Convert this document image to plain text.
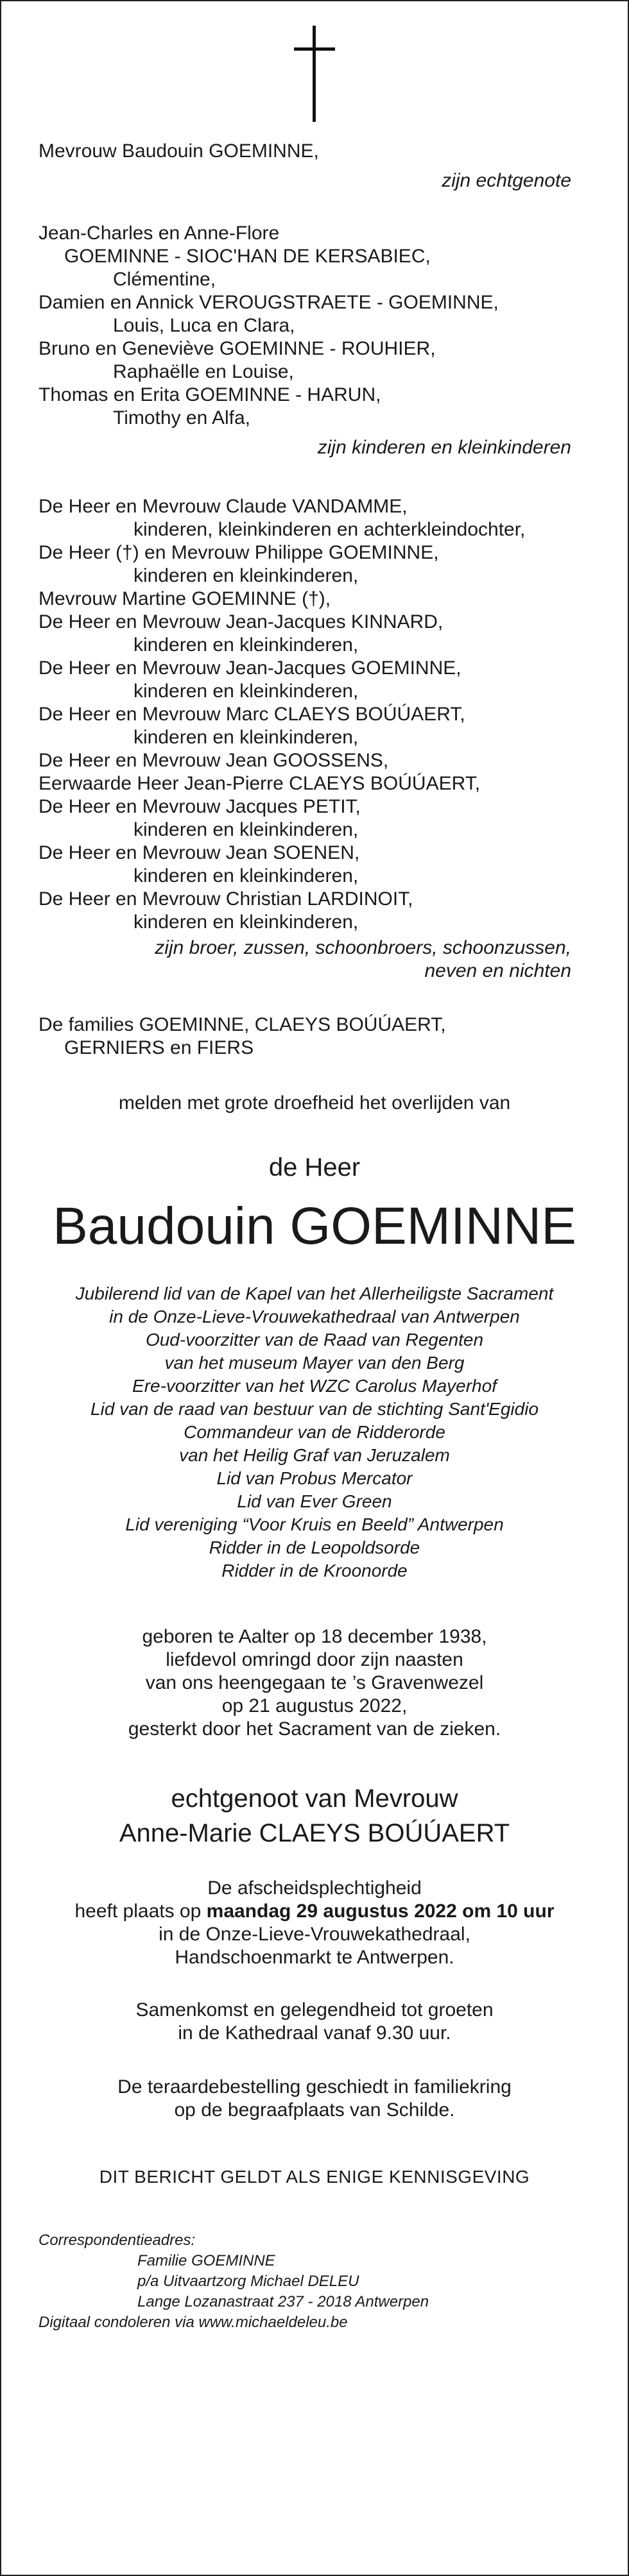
Mevrouw Baudouin GOEMINNE,
zijn echtgenote
Jean-Charles en Anne-Flore
GOEMINNE - SIOC'HAN DE KERSABIEC,
Clémentine,
Damien en Annick VEROUGSTRAETE - GOEMINNE,
Louis, Luca en Clara,
Bruno en Geneviève GOEMINNE - ROUHIER,
Raphaëlle en Louise,
Thomas en Erita GOEMINNE - HARUN,
Timothy en Alfa,
zijn kinderen en kleinkinderen
De Heer en Mevrouw Claude VANDAMME,
kinderen, kleinkinderen en achterkleindochter,
De Heer (†) en Mevrouw Philippe GOEMINNE,
kinderen en kleinkinderen,
Mevrouw Martine GOEMINNE (†),
De Heer en Mevrouw Jean-Jacques KINNARD,
kinderen en kleinkinderen,
De Heer en Mevrouw Jean-Jacques GOEMINNE,
kinderen en kleinkinderen,
De Heer en Mevrouw Marc CLAEYS BOÚÚAERT,
kinderen en kleinkinderen,
De Heer en Mevrouw Jean GOOSSENS,
Eerwaarde Heer Jean-Pierre CLAEYS BOÚÚAERT,
De Heer en Mevrouw Jacques PETIT,
kinderen en kleinkinderen,
De Heer en Mevrouw Jean SOENEN,
kinderen en kleinkinderen,
De Heer en Mevrouw Christian LARDINOIT,
kinderen en kleinkinderen,
zijn broer, zussen, schoonbroers, schoonzussen,
neven en nichten
De families GOEMINNE, CLAEYS BOÚÚAERT,
GERNIERS en FIERS
melden met grote droefheid het overlijden van
de Heer
Baudouin GOEMINNE
Jubilerend lid van de Kapel van het Allerheiligste Sacrament
in de Onze-Lieve-Vrouwekathedraal van Antwerpen
Oud-voorzitter van de Raad van Regenten
van het museum Mayer van den Berg
Ere-voorzitter van het WZC Carolus Mayerhof
Lid van de raad van bestuur van de stichting Sant'Egidio
Commandeur van de Ridderorde
van het Heilig Graf van Jeruzalem
Lid van Probus Mercator
Lid van Ever Green
Lid vereniging “Voor Kruis en Beeld” Antwerpen
Ridder in de Leopoldsorde
Ridder in de Kroonorde
geboren te Aalter op 18 december 1938,
liefdevol omringd door zijn naasten
van ons heengegaan te ’s Gravenwezel
op 21 augustus 2022,
gesterkt door het Sacrament van de zieken.
echtgenoot van Mevrouw
Anne-Marie CLAEYS BOÚÚAERT
De afscheidsplechtigheid
heeft plaats op maandag 29 augustus 2022 om 10 uur
in de Onze-Lieve-Vrouwekathedraal,
Handschoenmarkt te Antwerpen.
Samenkomst en gelegendheid tot groeten
in de Kathedraal vanaf 9.30 uur.
De teraardebestelling geschiedt in familiekring
op de begraafplaats van Schilde.
DIT BERICHT GELDT ALS ENIGE KENNISGEVING
Correspondentieadres:
Familie GOEMINNE
p/a Uitvaartzorg Michael DELEU
Lange Lozanastraat 237 - 2018 Antwerpen
Digitaal condoleren via www.michaeldeleu.be
